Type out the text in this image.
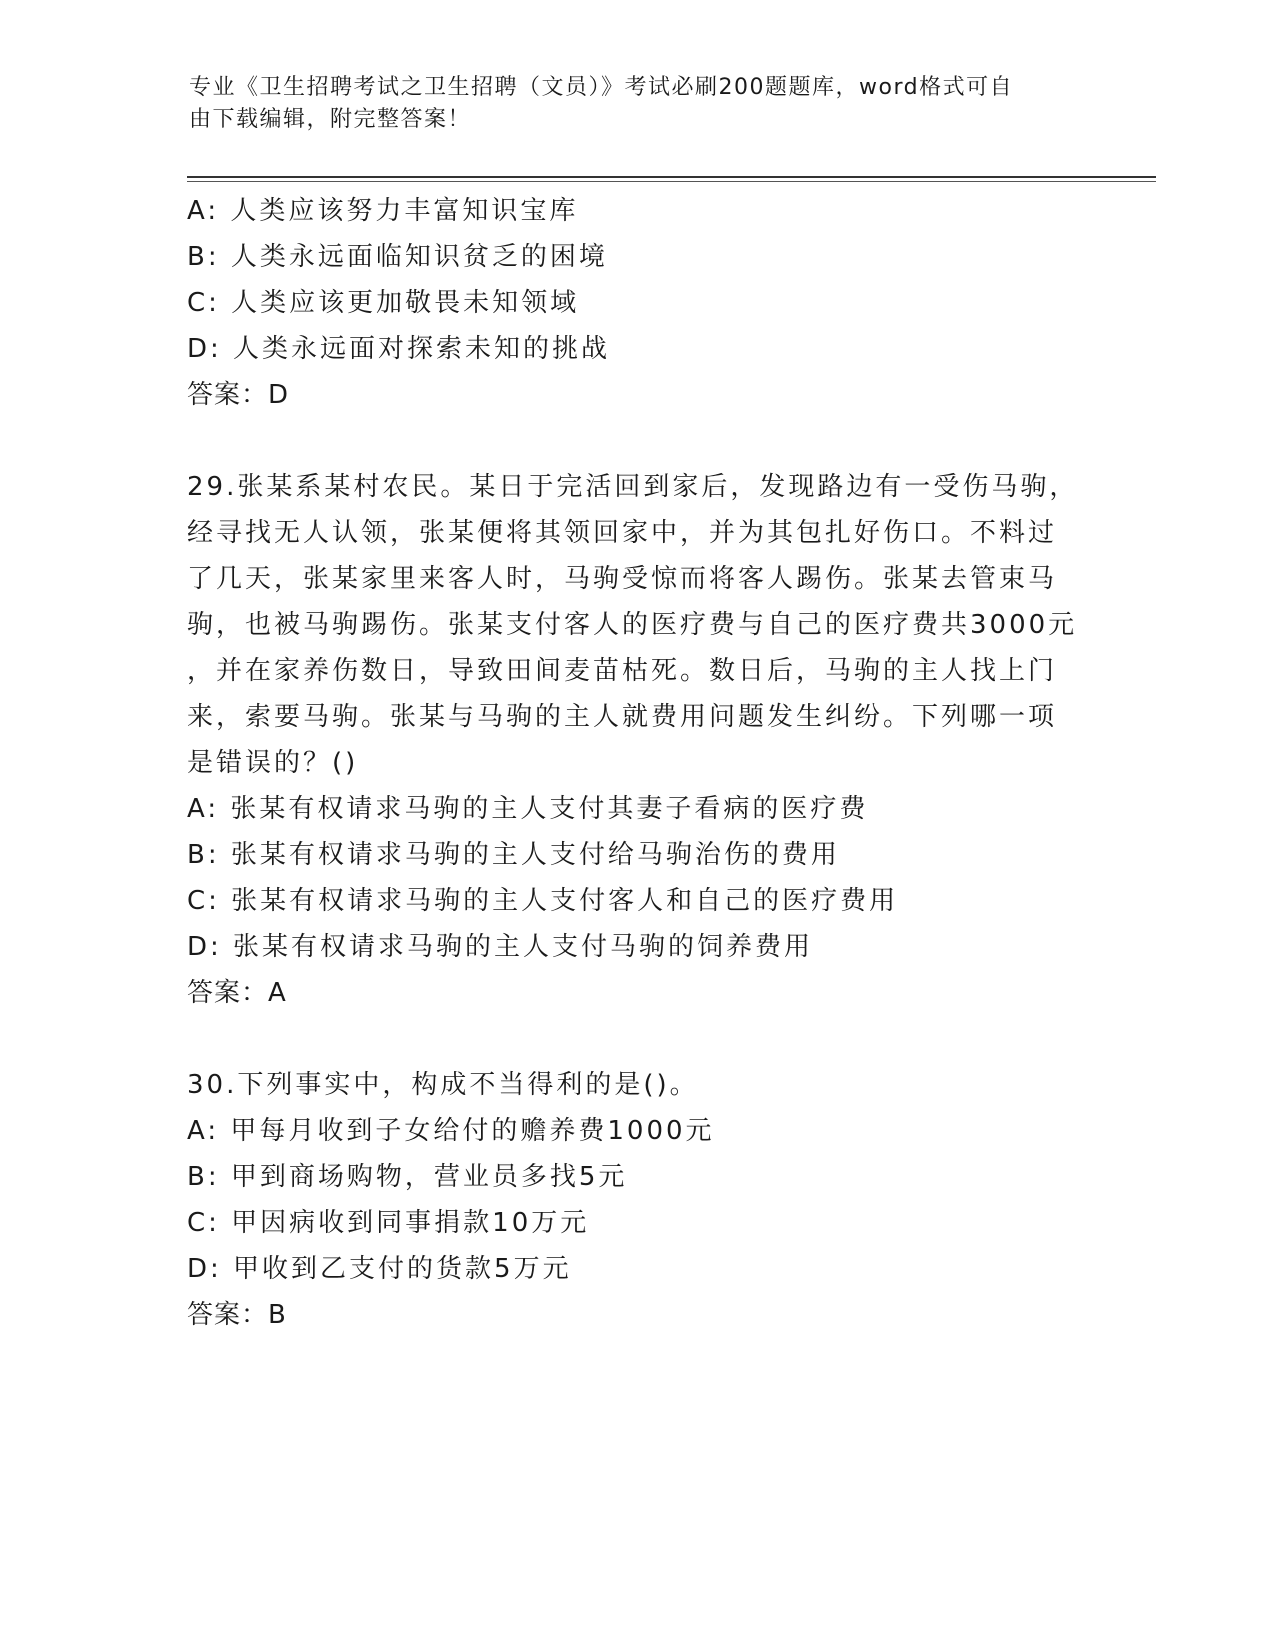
专业《卫生招聘考试之卫生招聘（文员）》考试必刷200题题库，word格式可自
由下载编辑，附完整答案！
A: 人类应该努力丰富知识宝库
B: 人类永远面临知识贫乏的困境
C: 人类应该更加敬畏未知领域
D: 人类永远面对探索未知的挑战
答案：D
29.张某系某村农民。某日于完活回到家后，发现路边有一受伤马驹，
经寻找无人认领，张某便将其领回家中，并为其包扎好伤口。不料过
了几天，张某家里来客人时，马驹受惊而将客人踢伤。张某去管束马
驹，也被马驹踢伤。张某支付客人的医疗费与自己的医疗费共3000元
，并在家养伤数日，导致田间麦苗枯死。数日后，马驹的主人找上门
来，索要马驹。张某与马驹的主人就费用问题发生纠纷。下列哪一项
是错误的？()
A: 张某有权请求马驹的主人支付其妻子看病的医疗费
B: 张某有权请求马驹的主人支付给马驹治伤的费用
C: 张某有权请求马驹的主人支付客人和自己的医疗费用
D: 张某有权请求马驹的主人支付马驹的饲养费用
答案：A
30.下列事实中，构成不当得利的是()。
A: 甲每月收到子女给付的赡养费1000元
B: 甲到商场购物，营业员多找5元
C: 甲因病收到同事捐款10万元
D: 甲收到乙支付的货款5万元
答案：B
